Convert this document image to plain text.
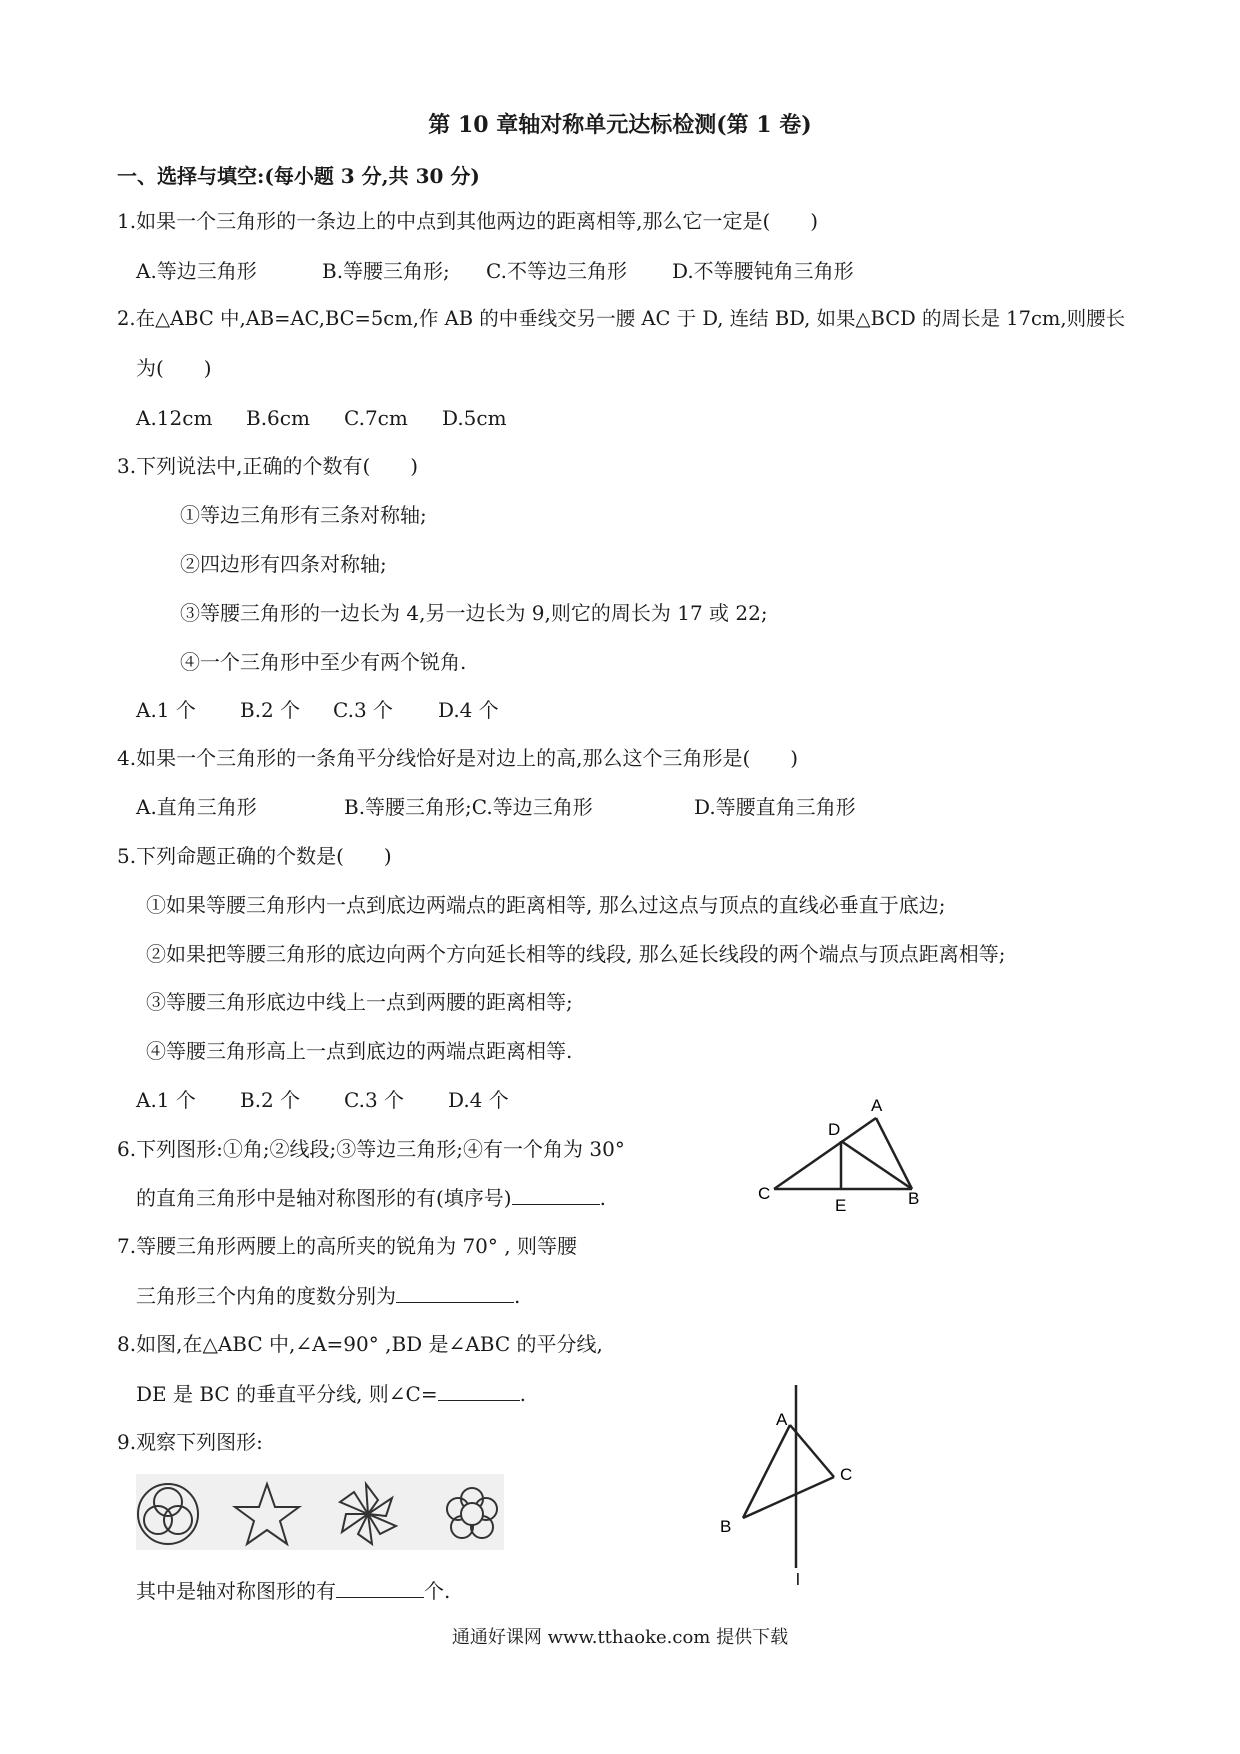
第 10 章轴对称单元达标检测(第 1 卷)
一、选择与填空:(每小题 3 分,共 30 分)
1.如果一个三角形的一条边上的中点到其他两边的距离相等,那么它一定是(　　)
A.等边三角形	B.等腰三角形; C.不等边三角形 D.不等腰钝角三角形
2.在△ABC 中,AB=AC,BC=5cm,作 AB 的中垂线交另一腰 AC 于 D, 连结 BD, 如果△BCD 的周长是 17cm,则腰长
为(　　)
A.12cm B.6cm C.7cm D.5cm
3.下列说法中,正确的个数有(　　)
①等边三角形有三条对称轴;
②四边形有四条对称轴;
③等腰三角形的一边长为 4,另一边长为 9,则它的周长为 17 或 22;
④一个三角形中至少有两个锐角.
A.1 个 B.2 个 C.3 个 D.4 个
4.如果一个三角形的一条角平分线恰好是对边上的高,那么这个三角形是(　　)
A.直角三角形	B.等腰三角形;C.等边三角形	D.等腰直角三角形
5.下列命题正确的个数是(　　)
①如果等腰三角形内一点到底边两端点的距离相等, 那么过这点与顶点的直线必垂直于底边;
②如果把等腰三角形的底边向两个方向延长相等的线段, 那么延长线段的两个端点与顶点距离相等;
③等腰三角形底边中线上一点到两腰的距离相等;
④等腰三角形高上一点到底边的两端点距离相等.
A.1 个 B.2 个 C.3 个 D.4 个
6.下列图形:①角;②线段;③等边三角形;④有一个角为 30°
的直角三角形中是轴对称图形的有(填序号)	.
7.等腰三角形两腰上的高所夹的锐角为 70° , 则等腰
三角形三个内角的度数分别为	.
8.如图,在△ABC 中,∠A=90° ,BD 是∠ABC 的平分线,
DE 是 BC 的垂直平分线, 则∠C=	.
9.观察下列图形:
其中是轴对称图形的有	个.
A
D
C
E	B
A
C
B
l
通通好课网 www.tthaoke.com 提供下载
